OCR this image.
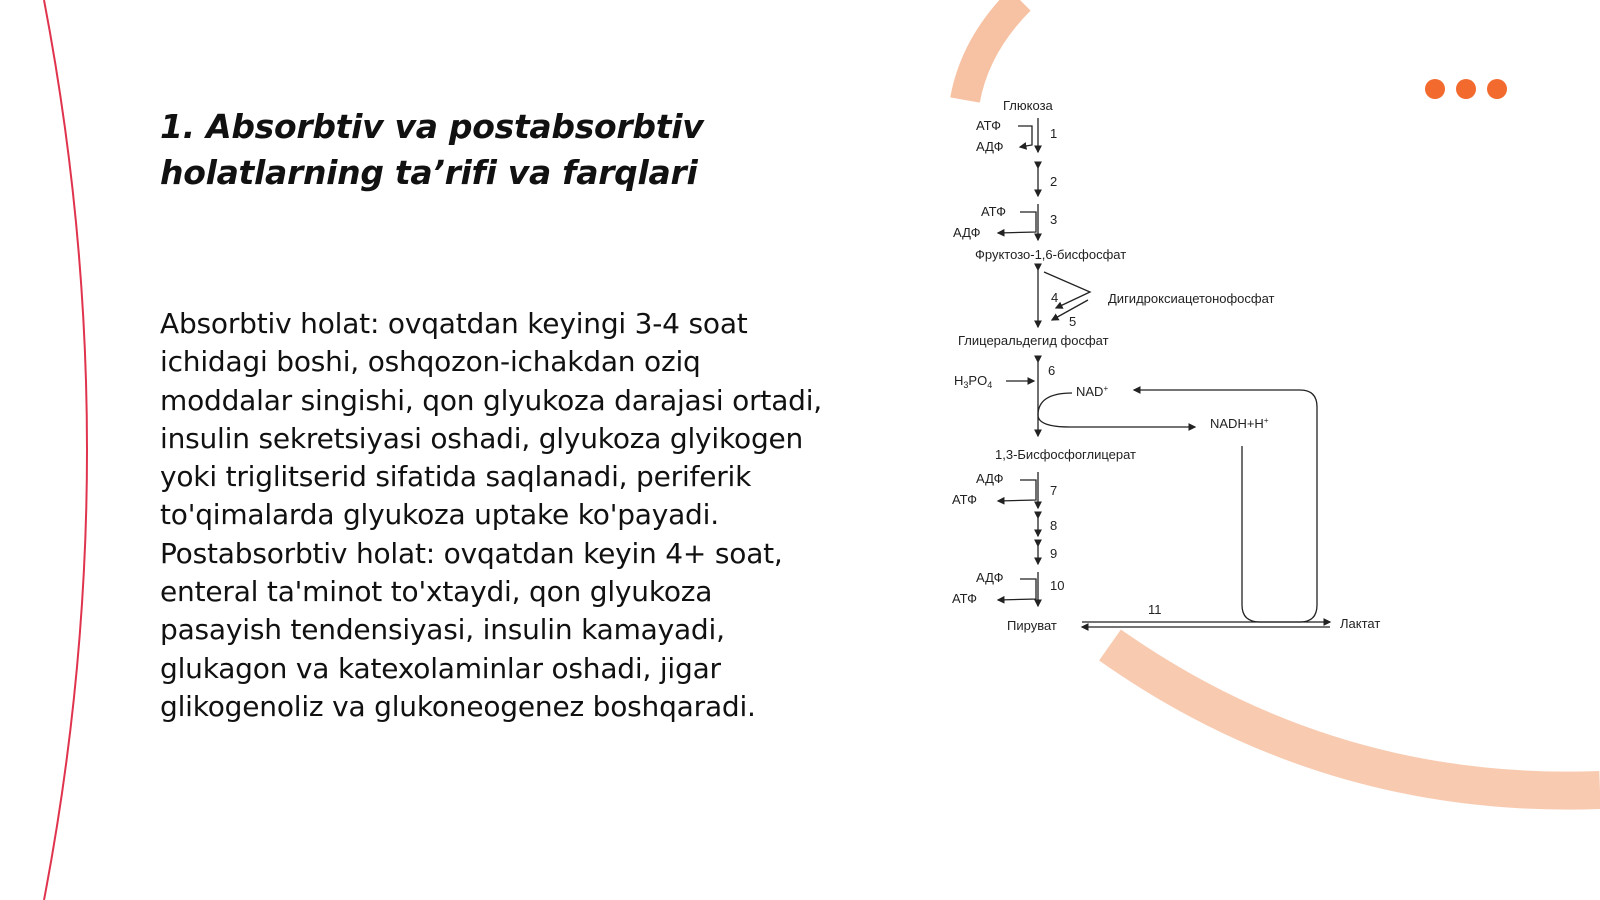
1. Absorbtiv va postabsorbtiv
holatlarning ta’rifi va farqlari

Absorbtiv holat: ovqatdan keyingi 3-4 soat ichidagi boshi, oshqozon-ichakdan oziq moddalar singishi, qon glyukoza darajasi ortadi, insulin sekretsiyasi oshadi, glyukoza glyikogen yoki triglitserid sifatida saqlanadi, periferik to'qimalarda glyukoza uptake ko'payadi. Postabsorbtiv holat: ovqatdan keyin 4+ soat, enteral ta'minot to'xtaydi, qon glyukoza pasayish tendensiyasi, insulin kamayadi, glukagon va katexolaminlar oshadi, jigar glikogenoliz va glukoneogenez boshqaradi.

Глюкоза
АТФ
АДФ
1
2
АТФ
АДФ
3
Фруктозо-1,6-бисфосфат
4
5
Дигидроксиацетонофосфат
Глицеральдегид фосфат
$H_3PO_4$
6
NAD+
NADH+H+
1,3-Бисфосфоглицерат
АДФ
АТФ
7
8
9
АДФ
АТФ
10
Пируват
11
Лактат
